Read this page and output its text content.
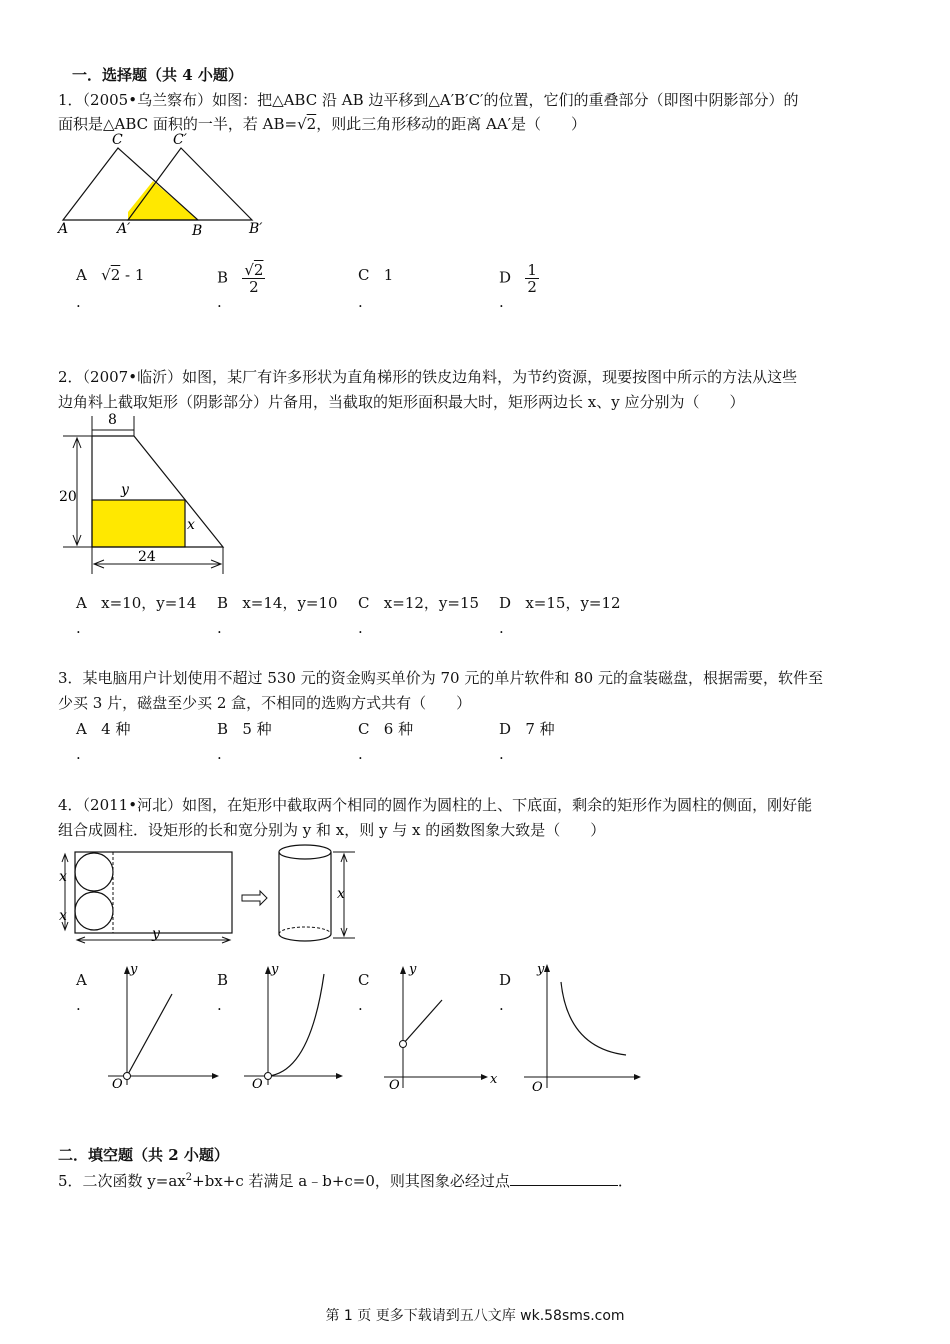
一．选择题（共 4 小题）
1．（2005•乌兰察布）如图：把△ABC 沿 AB 边平移到△A′B′C′的位置，它们的重叠部分（即图中阴影部分）的
面积是△ABC 面积的一半，若 AB=√2，则此三角形移动的距离 AA′是（　　）
A	A′	B	B′
C	C′
A √2 - 1
.
B $\frac{√2}{2}$
.
C 1
.
D $\frac{1}{2}$
.
2．（2007•临沂）如图，某厂有许多形状为直角梯形的铁皮边角料，为节约资源，现要按图中所示的方法从这些
边角料上截取矩形（阴影部分）片备用，当截取的矩形面积最大时，矩形两边长 x、y 应分别为（　　）
8
20
24
y
x
A x=10，y=14
.
B x=14，y=10
.
C x=12，y=15
.
D x=15，y=12
.
3．某电脑用户计划使用不超过 530 元的资金购买单价为 70 元的单片软件和 80 元的盒装磁盘，根据需要，软件至
少买 3 片，磁盘至少买 2 盒，不相同的选购方式共有（　　）
A 4 种
.
B 5 种
.
C 6 种
.
D 7 种
.
4．（2011•河北）如图，在矩形中截取两个相同的圆作为圆柱的上、下底面，剩余的矩形作为圆柱的侧面，刚好能
组合成圆柱．设矩形的长和宽分别为 y 和 x，则 y 与 x 的函数图象大致是（　　）
x
x
y
x
A
.
B
.
C
.
D
.
y
O
y
O
y
O	x
y
O
二．填空题（共 2 小题）
5．二次函数 $y=ax^2+bx+c$ 若满足 a﹣b+c=0，则其图象必经过点	．
第 1 页 更多下载请到五八文库 wk.58sms.com
